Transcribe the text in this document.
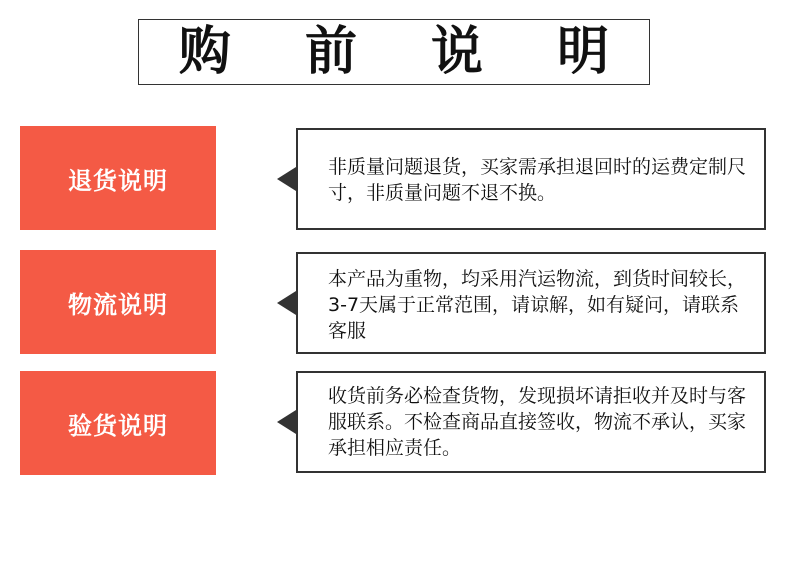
购 前 说 明
退货说明	非质量问题退货，买家需承担退回时的运费定制尺寸，非质量问题不退不换。
物流说明
本产品为重物，均采用汽运物流，到货时间较长，3-7天属于正常范围，请谅解，如有疑问，请联系客服
验货说明
收货前务必检查货物，发现损坏请拒收并及时与客服联系。不检查商品直接签收，物流不承认，买家承担相应责任。
